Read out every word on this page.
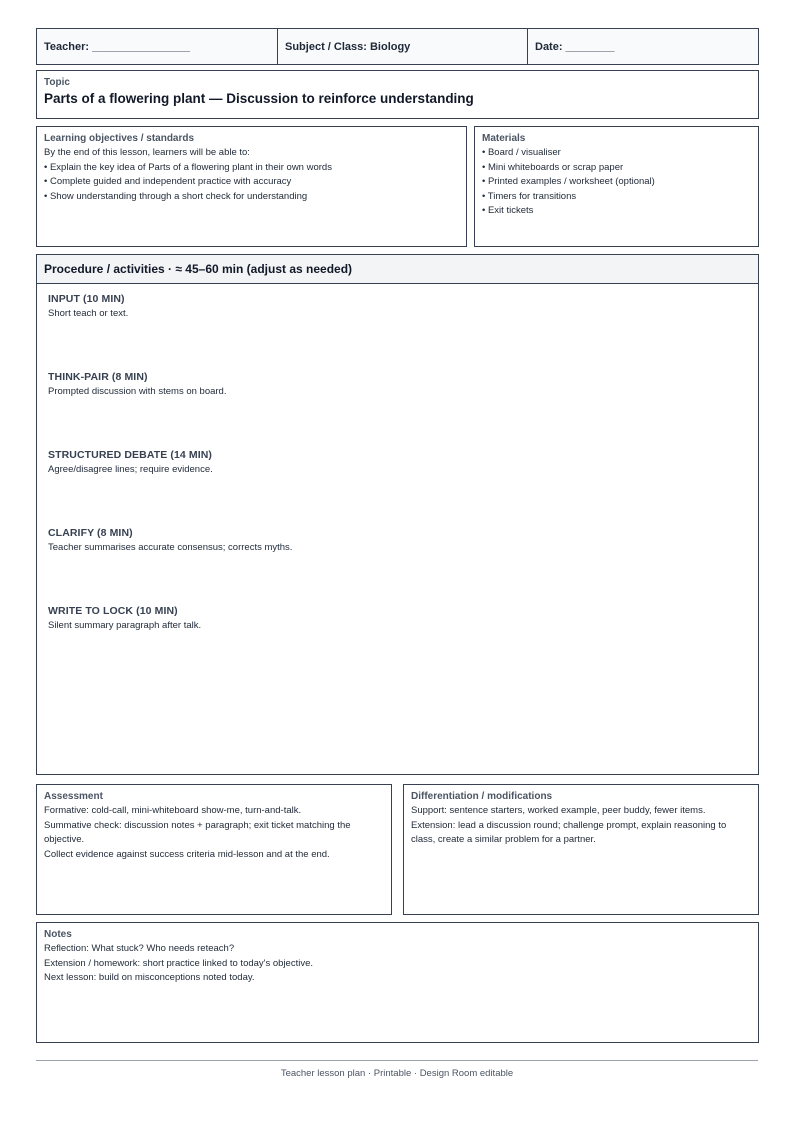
Teacher: ________________	Subject / Class: Biology	Date: ________
Topic
Parts of a flowering plant — Discussion to reinforce understanding
Learning objectives / standards
By the end of this lesson, learners will be able to:
• Explain the key idea of Parts of a flowering plant in their own words
• Complete guided and independent practice with accuracy
• Show understanding through a short check for understanding
Materials
• Board / visualiser
• Mini whiteboards or scrap paper
• Printed examples / worksheet (optional)
• Timers for transitions
• Exit tickets
Procedure / activities · ≈ 45–60 min (adjust as needed)
INPUT (10 MIN)
Short teach or text.
THINK-PAIR (8 MIN)
Prompted discussion with stems on board.
STRUCTURED DEBATE (14 MIN)
Agree/disagree lines; require evidence.
CLARIFY (8 MIN)
Teacher summarises accurate consensus; corrects myths.
WRITE TO LOCK (10 MIN)
Silent summary paragraph after talk.
Assessment
Formative: cold-call, mini-whiteboard show-me, turn-and-talk.
Summative check: discussion notes + paragraph; exit ticket matching the
objective.
Collect evidence against success criteria mid-lesson and at the end.
Differentiation / modifications
Support: sentence starters, worked example, peer buddy, fewer items.
Extension: lead a discussion round; challenge prompt, explain reasoning to
class, create a similar problem for a partner.
Notes
Reflection: What stuck? Who needs reteach?
Extension / homework: short practice linked to today's objective.
Next lesson: build on misconceptions noted today.
Teacher lesson plan · Printable · Design Room editable
